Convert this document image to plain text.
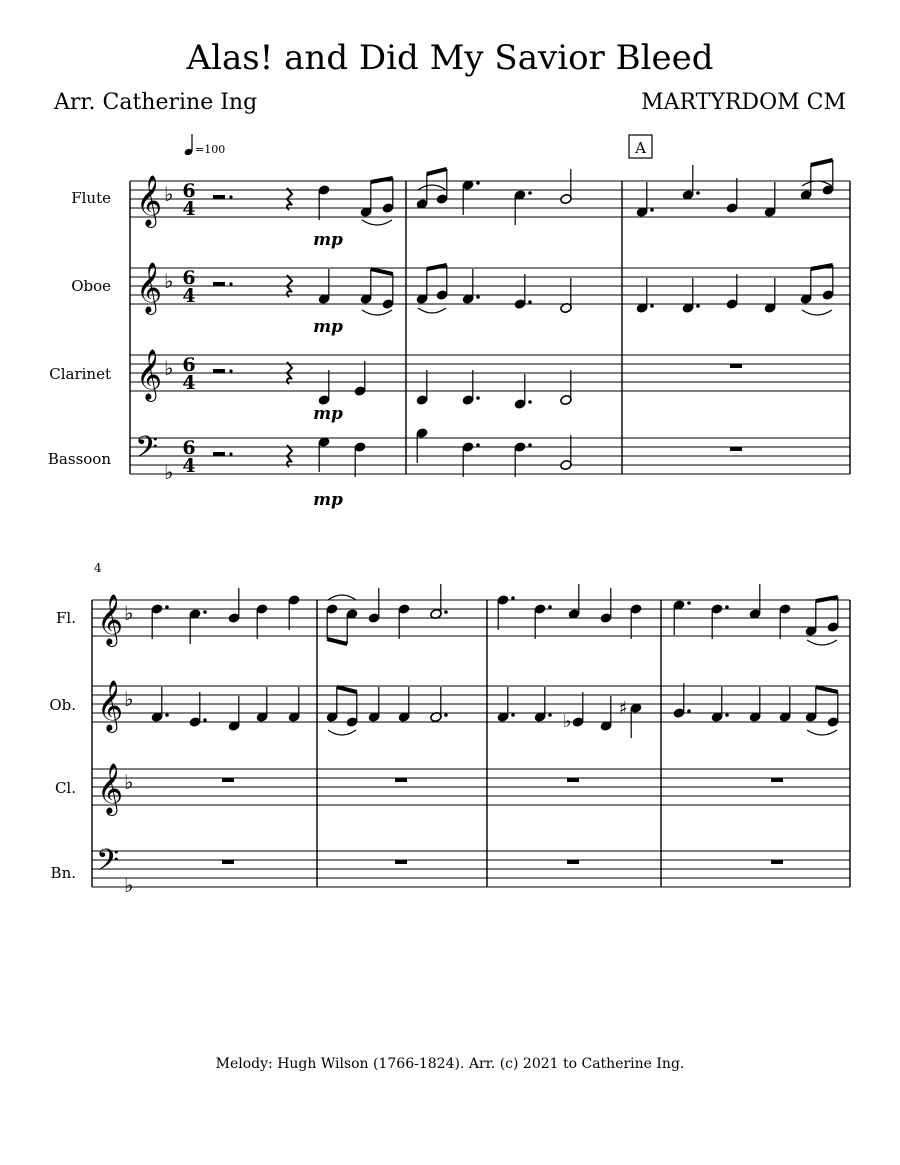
Alas! and Did My Savior Bleed
Arr. Catherine Ing	MARTYRDOM CM
=100	A
Flute
Oboe
Clarinet
Bassoon
𝄞
𝄞
𝄞
𝄢
♭
♭
♭
♭
6
4
6
4
6
4
6
4
mp
mp
mp
mp
4
Fl.
Ob.
Cl.
Bn.
𝄞
𝄞
𝄞
𝄢
♭
♭
♭
♭
♭
♯
Melody: Hugh Wilson (1766-1824). Arr. (c) 2021 to Catherine Ing.
